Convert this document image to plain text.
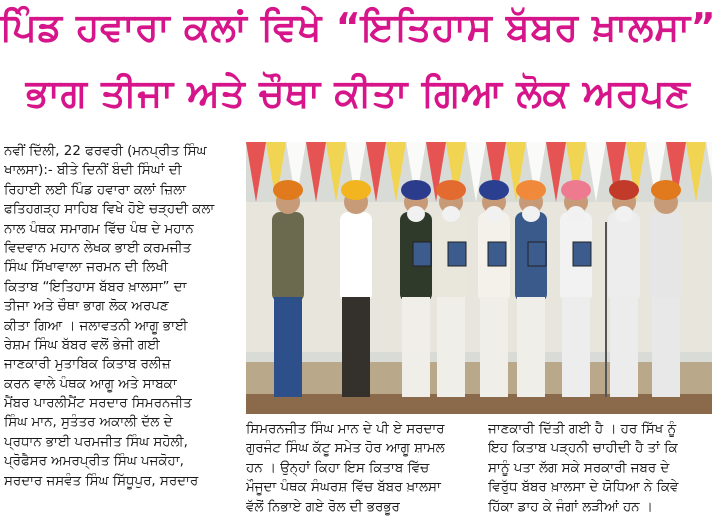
ਪਿੰਡ ਹਵਾਰਾ ਕਲਾਂ ਵਿਖੇ “ਇਤਿਹਾਸ ਬੱਬਰ ਖ਼ਾਲਸਾ”
ਭਾਗ ਤੀਜਾ ਅਤੇ ਚੌਥਾ ਕੀਤਾ ਗਿਆ ਲੋਕ ਅਰਪਣ
ਨਵੀਂ ਦਿੱਲੀ, 22 ਫਰਵਰੀ (ਮਨਪ੍ਰੀਤ ਸਿੰਘ
ਖਾਲਸਾ):- ਬੀਤੇ ਦਿਨੀਂ ਬੰਦੀ ਸਿੰਘਾਂ ਦੀ
ਰਿਹਾਈ ਲਈ ਪਿੰਡ ਹਵਾਰਾ ਕਲਾਂ ਜ਼ਿਲਾ
ਫਤਿਹਗੜ੍ਹ ਸਾਹਿਬ ਵਿਖੇ ਹੋਏ ਚੜ੍ਹਦੀ ਕਲਾ
ਨਾਲ ਪੰਥਕ ਸਮਾਗਮ ਵਿੱਚ ਪੰਥ ਦੇ ਮਹਾਨ
ਵਿਦਵਾਨ ਮਹਾਨ ਲੇਖਕ ਭਾਈ ਕਰਮਜੀਤ
ਸਿੰਘ ਸਿੱਖਾਵਾਲਾ ਜਰਮਨ ਦੀ ਲਿਖੀ
ਕਿਤਾਬ “ਇਤਿਹਾਸ ਬੱਬਰ ਖ਼ਾਲਸਾ” ਦਾ
ਤੀਜਾ ਅਤੇ ਚੌਥਾ ਭਾਗ ਲੋਕ ਅਰਪਣ
ਕੀਤਾ ਗਿਆ । ਜਲਾਵਤਨੀ ਆਗੂ ਭਾਈ
ਰੇਸ਼ਮ ਸਿੰਘ ਬੱਬਰ ਵਲੋਂ ਭੇਜੀ ਗਈ
ਜਾਣਕਾਰੀ ਮੁਤਾਬਿਕ ਕਿਤਾਬ ਰਲੀਜ਼
ਕਰਨ ਵਾਲੇ ਪੰਥਕ ਆਗੂ ਅਤੇ ਸਾਬਕਾ
ਮੈਂਬਰ ਪਾਰਲੀਮੈਂਟ ਸਰਦਾਰ ਸਿਮਰਨਜੀਤ
ਸਿੰਘ ਮਾਨ, ਸੁਤੰਤਰ ਅਕਾਲੀ ਦੱਲ ਦੇ
ਪ੍ਰਧਾਨ ਭਾਈ ਪਰਮਜੀਤ ਸਿੰਘ ਸਹੋਲੀ,
ਪ੍ਰੋਫੈਸਰ ਅਮਰਪ੍ਰੀਤ ਸਿੰਘ ਪਜਕੋਹਾ,
ਸਰਦਾਰ ਜਸਵੰਤ ਸਿੰਘ ਸਿੱਧੂਪੁਰ, ਸਰਦਾਰ
ਸਿਮਰਨਜੀਤ ਸਿੰਘ ਮਾਨ ਦੇ ਪੀ ਏ ਸਰਦਾਰ
ਗੁਰਜੰਟ ਸਿੰਘ ਕੱਟੂ ਸਮੇਤ ਹੋਰ ਆਗੂ ਸ਼ਾਮਲ
ਹਨ । ਉਨ੍ਹਾਂ ਕਿਹਾ ਇਸ ਕਿਤਾਬ ਵਿੱਚ
ਮੌਜੂਦਾ ਪੰਥਕ ਸੰਘਰਸ਼ ਵਿੱਚ ਬੱਬਰ ਖ਼ਾਲਸਾ
ਵੱਲੋਂ ਨਿਭਾਏ ਗਏ ਰੋਲ ਦੀ ਭਰਭੂਰ
ਜਾਣਕਾਰੀ ਦਿੱਤੀ ਗਈ ਹੈ । ਹਰ ਸਿੱਖ ਨੂੰ
ਇਹ ਕਿਤਾਬ ਪੜ੍ਹਨੀ ਚਾਹੀਦੀ ਹੈ ਤਾਂ ਕਿ
ਸਾਨੂੰ ਪਤਾ ਲੱਗ ਸਕੇ ਸਰਕਾਰੀ ਜਬਰ ਦੇ
ਵਿਰੁੱਧ ਬੱਬਰ ਖ਼ਾਲਸਾ ਦੇ ਯੋਧਿਆ ਨੇ ਕਿਵੇ
ਹਿੱਕਾ ਡਾਹ ਕੇ ਜੰਗਾਂ ਲੜੀਆਂ ਹਨ ।
